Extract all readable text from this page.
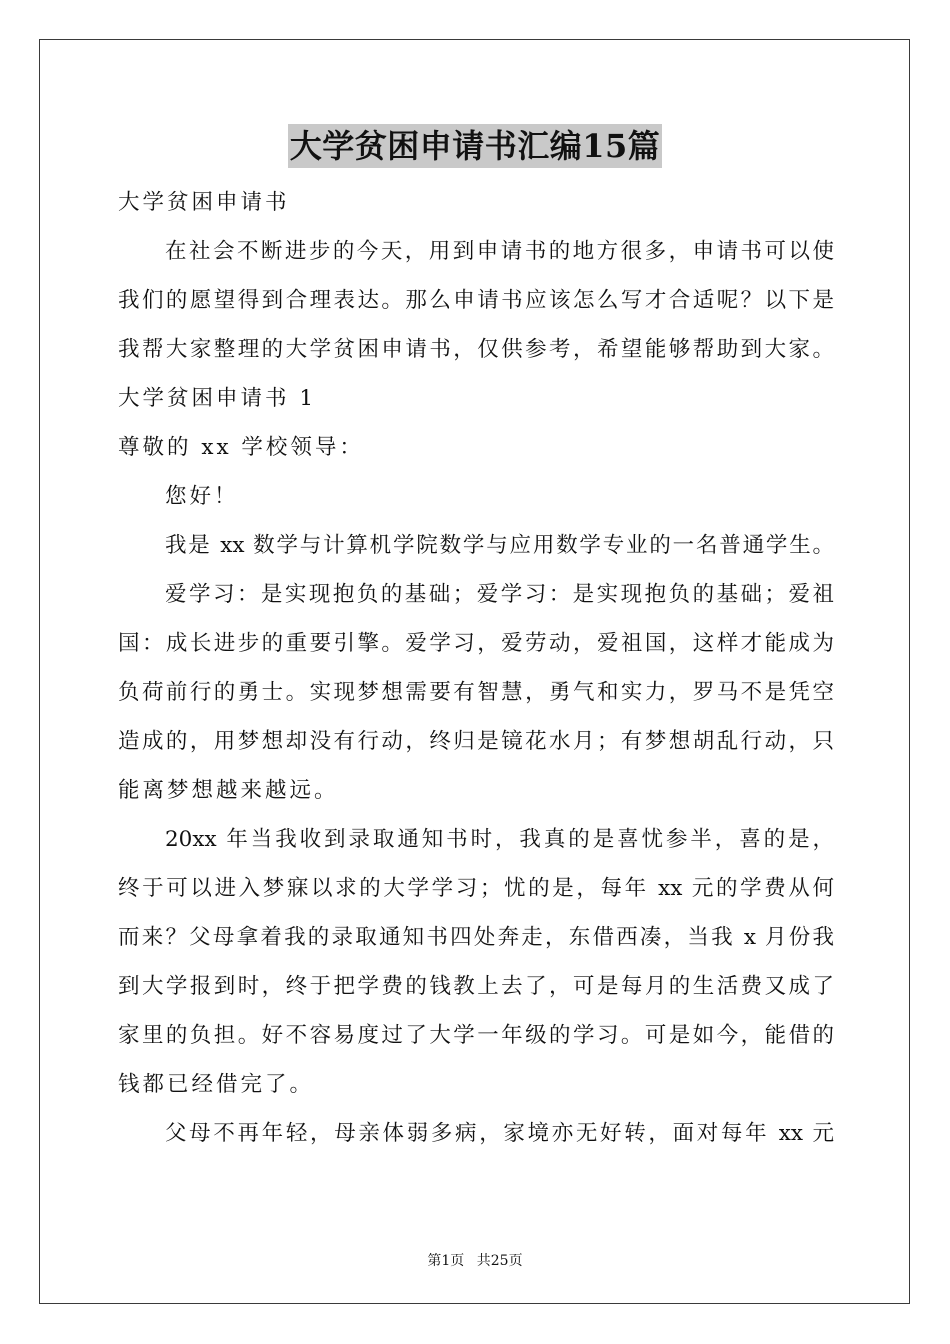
大学贫困申请书汇编15篇
大学贫困申请书
在社会不断进步的今天，用到申请书的地方很多，申请书可以使
我们的愿望得到合理表达。那么申请书应该怎么写才合适呢？以下是
我帮大家整理的大学贫困申请书，仅供参考，希望能够帮助到大家。
大学贫困申请书 1
尊敬的 xx 学校领导：
您好！
我是 xx 数学与计算机学院数学与应用数学专业的一名普通学生。
爱学习：是实现抱负的基础；爱学习：是实现抱负的基础；爱祖
国：成长进步的重要引擎。爱学习，爱劳动，爱祖国，这样才能成为
负荷前行的勇士。实现梦想需要有智慧，勇气和实力，罗马不是凭空
造成的，用梦想却没有行动，终归是镜花水月；有梦想胡乱行动，只
能离梦想越来越远。
20xx 年当我收到录取通知书时，我真的是喜忧参半，喜的是，
终于可以进入梦寐以求的大学学习；忧的是，每年 xx 元的学费从何
而来？父母拿着我的录取通知书四处奔走，东借西凑，当我 x 月份我
到大学报到时，终于把学费的钱教上去了，可是每月的生活费又成了
家里的负担。好不容易度过了大学一年级的学习。可是如今，能借的
钱都已经借完了。
父母不再年轻，母亲体弱多病，家境亦无好转，面对每年 xx 元
第1页 共25页
